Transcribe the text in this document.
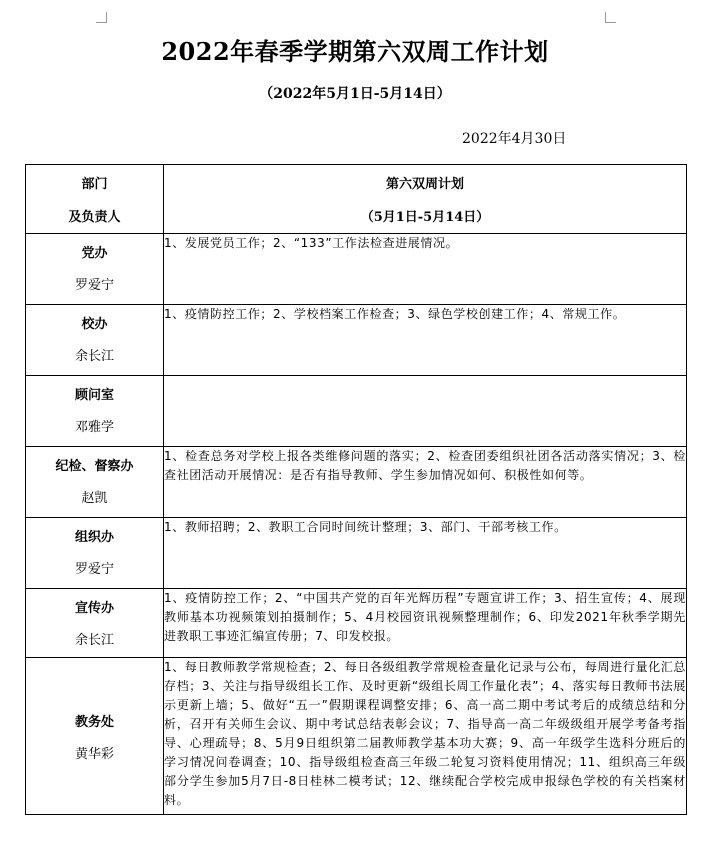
2022年春季学期第六双周工作计划
（2022年5月1日-5月14日）
2022年4月30日
部门
及负责人	第六双周计划
（5月1日-5月14日）

党办
罗爱宁	1、发展党员工作；2、“133”工作法检查进展情况。

校办
余长江	1、疫情防控工作；2、学校档案工作检查；3、绿色学校创建工作；4、常规工作。

顾问室
邓雅学	

纪检、督察办
赵凯	1、检查总务对学校上报各类维修问题的落实；2、检查团委组织社团各活动落实情况；3、检查社团活动开展情况：是否有指导教师、学生参加情况如何、积极性如何等。

组织办
罗爱宁	1、教师招聘；2、教职工合同时间统计整理；3、部门、干部考核工作。

宣传办
余长江	1、疫情防控工作；2、“中国共产党的百年光辉历程”专题宣讲工作；3、招生宣传；4、展现教师基本功视频策划拍摄制作；5、4月校园资讯视频整理制作；6、印发2021年秋季学期先进教职工事迹汇编宣传册；7、印发校报。

教务处
黄华彩	1、每日教师教学常规检查；2、每日各级组教学常规检查量化记录与公布，每周进行量化汇总存档；3、关注与指导级组长工作、及时更新“级组长周工作量化表”；4、落实每日教师书法展示更新上墙；5、做好“五一”假期课程调整安排；6、高一高二期中考试考后的成绩总结和分析，召开有关师生会议、期中考试总结表彰会议；7、指导高一高二年级级组开展学考备考指导、心理疏导；8、5月9日组织第二届教师教学基本功大赛；9、高一年级学生选科分班后的学习情况问卷调查；10、指导级组检查高三年级二轮复习资料使用情况；11、组织高三年级部分学生参加5月7日-8日桂林二模考试；12、继续配合学校完成申报绿色学校的有关档案材料。
